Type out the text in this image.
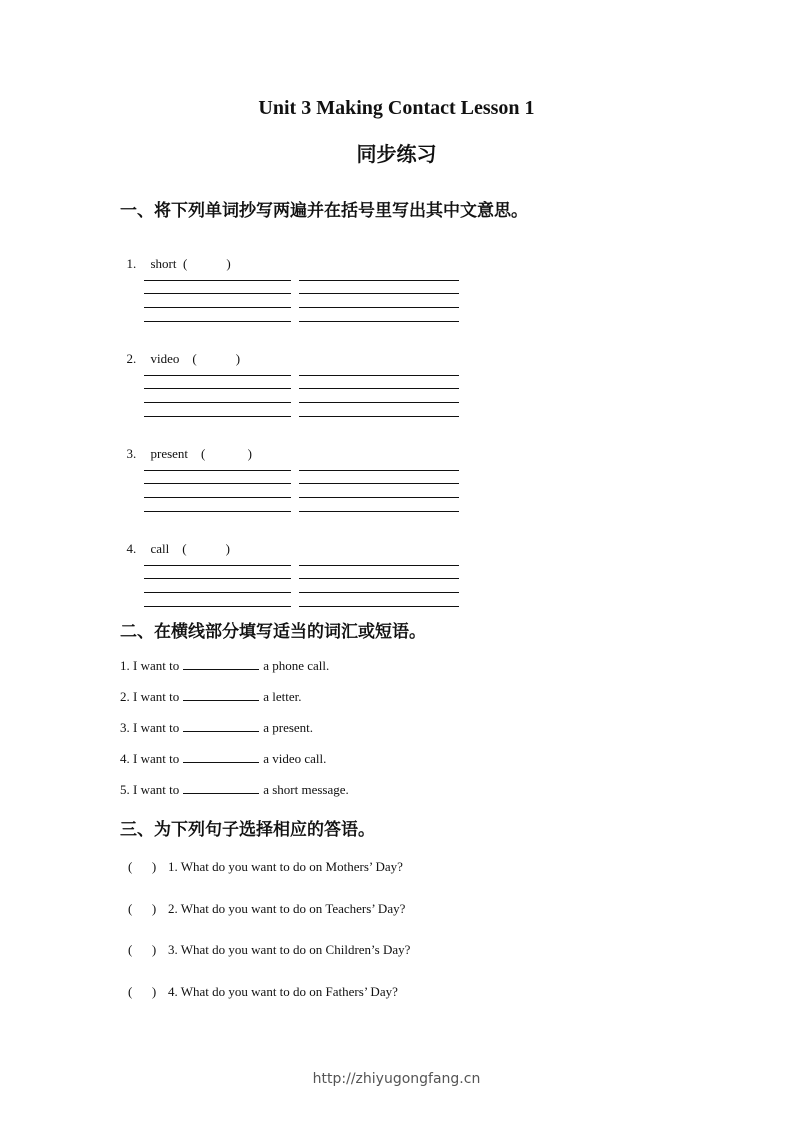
Unit 3 Making Contact Lesson 1
同步练习
一、将下列单词抄写两遍并在括号里写出其中文意思。

1. short (            )

2. video (            )

3. present (             )

4. call (            )

二、在横线部分填写适当的词汇或短语。
1. I want to	a phone call.
2. I want to	a letter.
3. I want to	a present.
4. I want to	a video call.
5. I want to	a short message.
三、为下列句子选择相应的答语。
(      ) 1. What do you want to do on Mothers’ Day?
(      ) 2. What do you want to do on Teachers’ Day?
(      ) 3. What do you want to do on Children’s Day?
(      ) 4. What do you want to do on Fathers’ Day?
http://zhiyugongfang.cn
